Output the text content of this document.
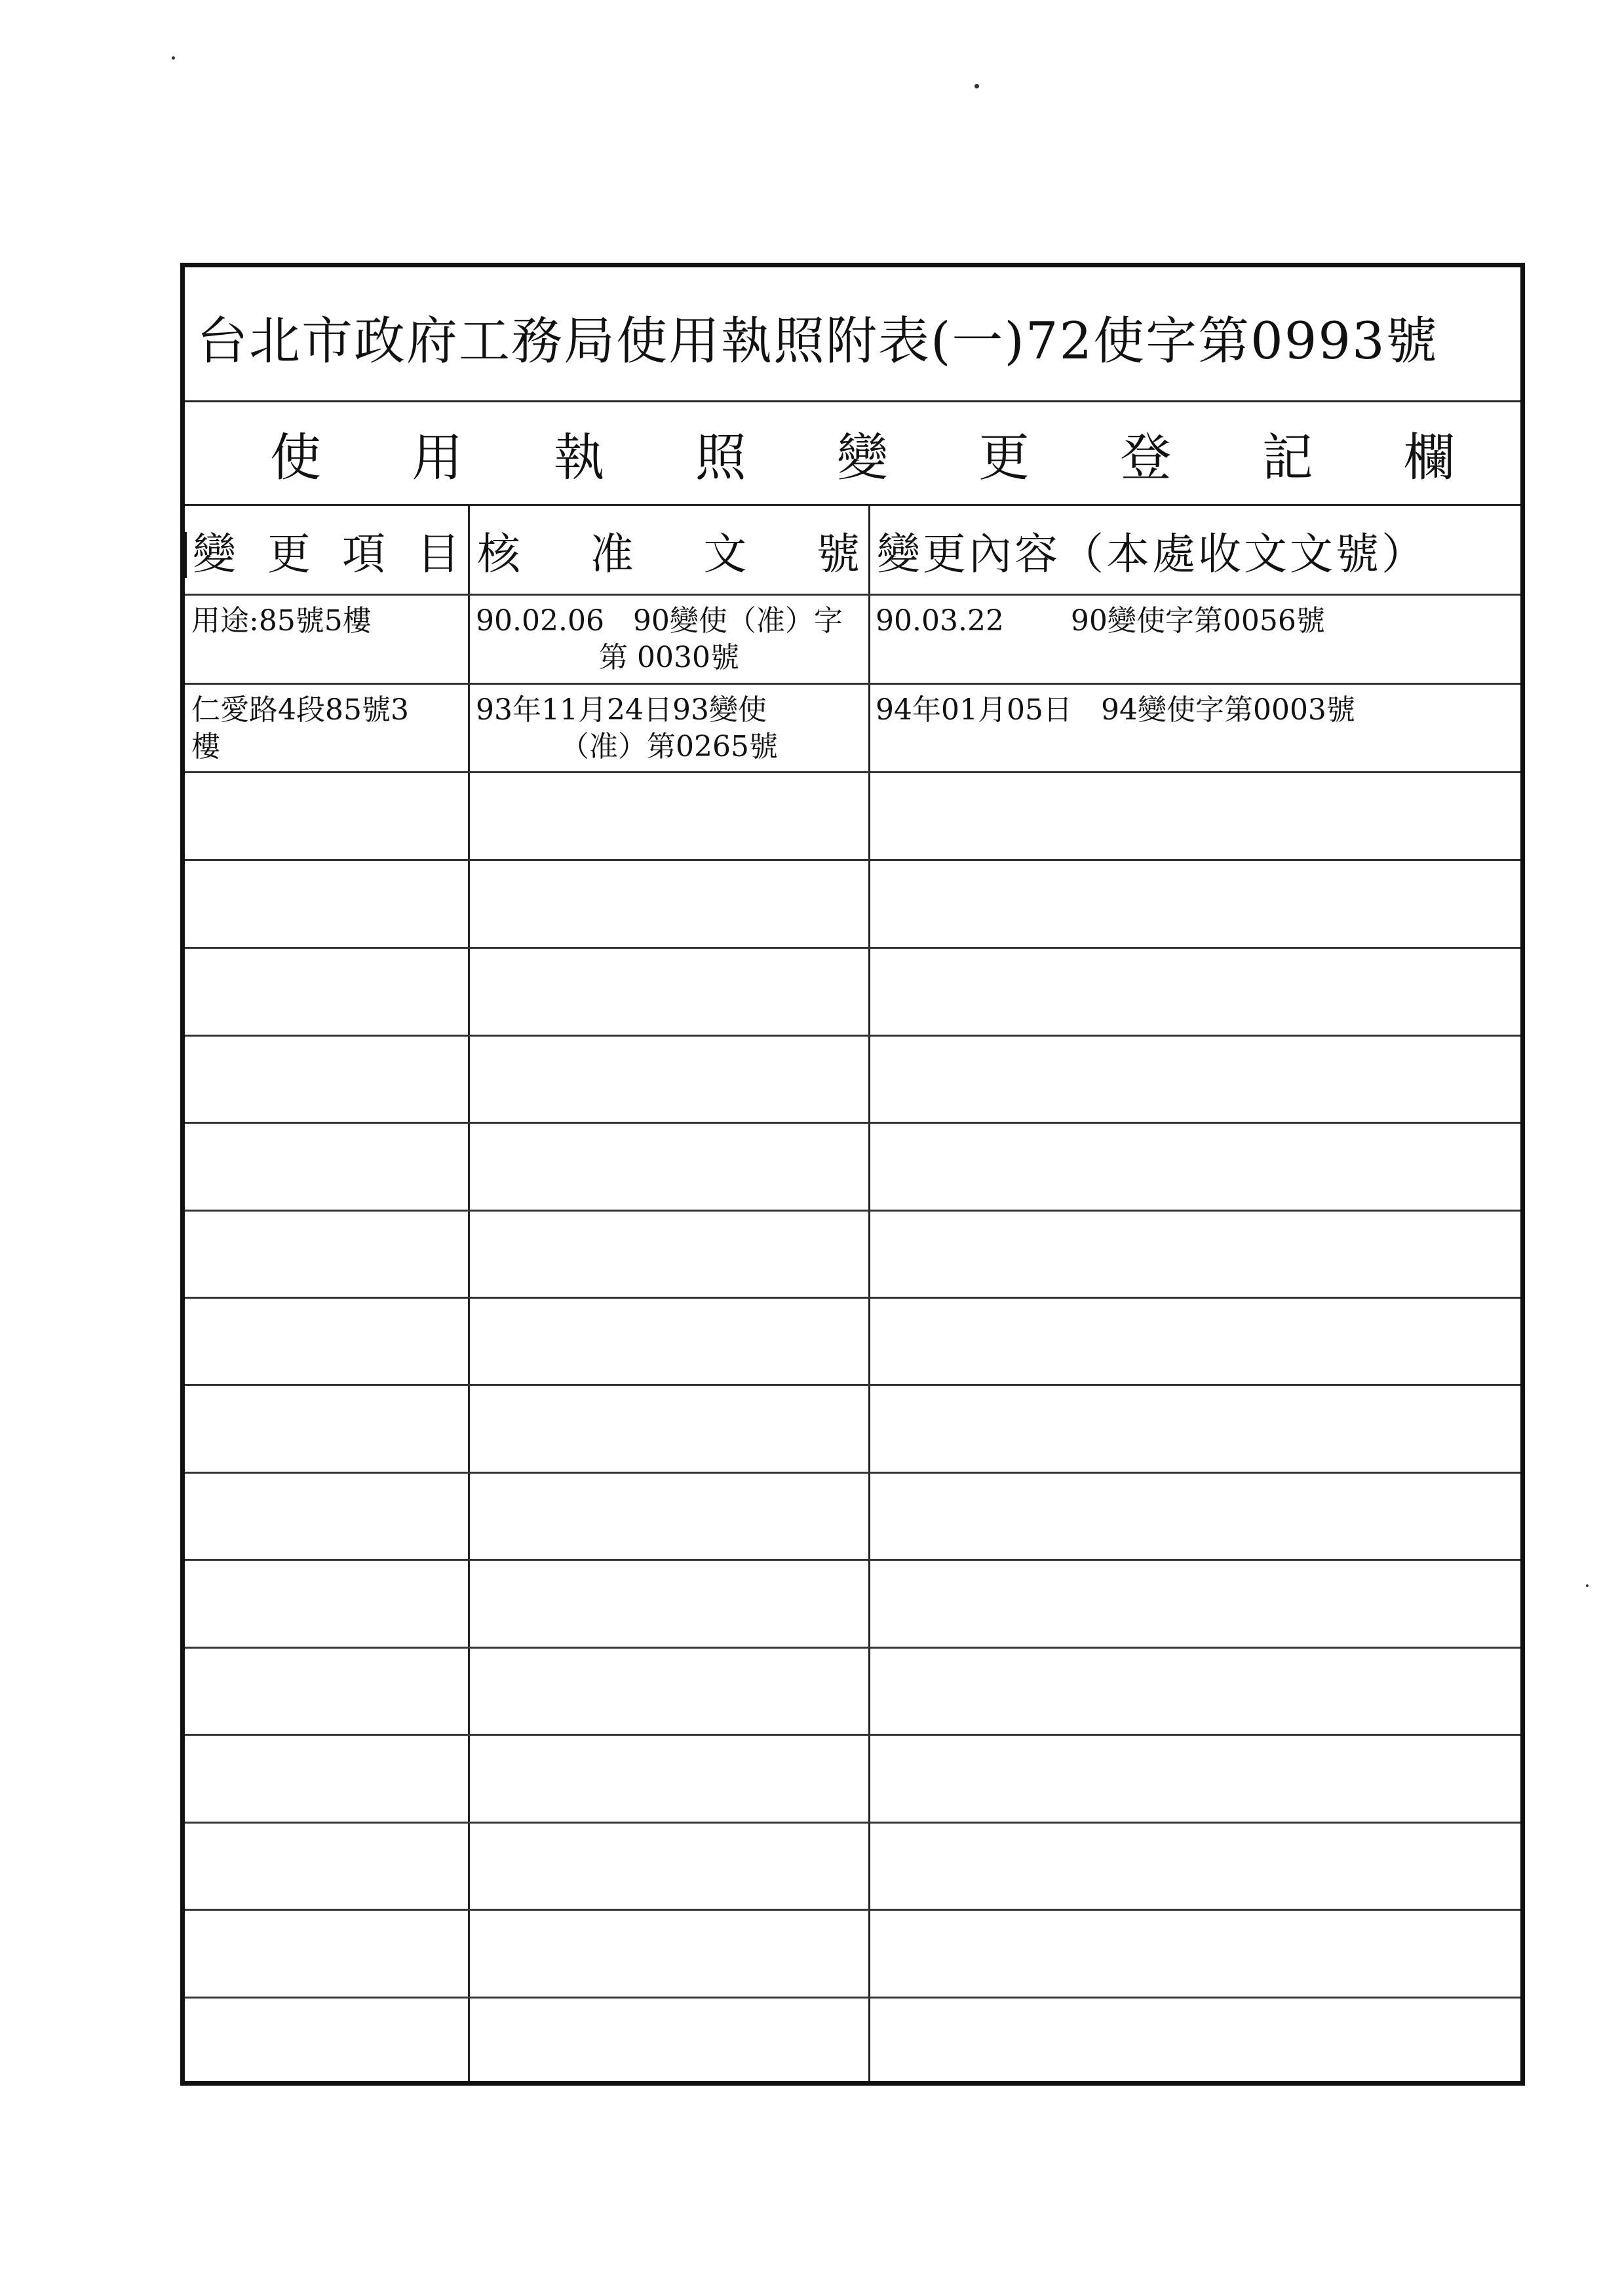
台北市政府工務局使用執照附表(一)72使字第0993號
使 用 執 照 變 更 登 記 欄
變 更 項 目 核 准 文 號 變更內容（本處收文文號）
用途:85號5樓	90.02.06　90變使（准）字
第 0030號
90.03.22　　 90變使字第0056號
仁愛路4段85號3
樓
93年11月24日93變使
（准）第0265號
94年01月05日　94變使字第0003號
